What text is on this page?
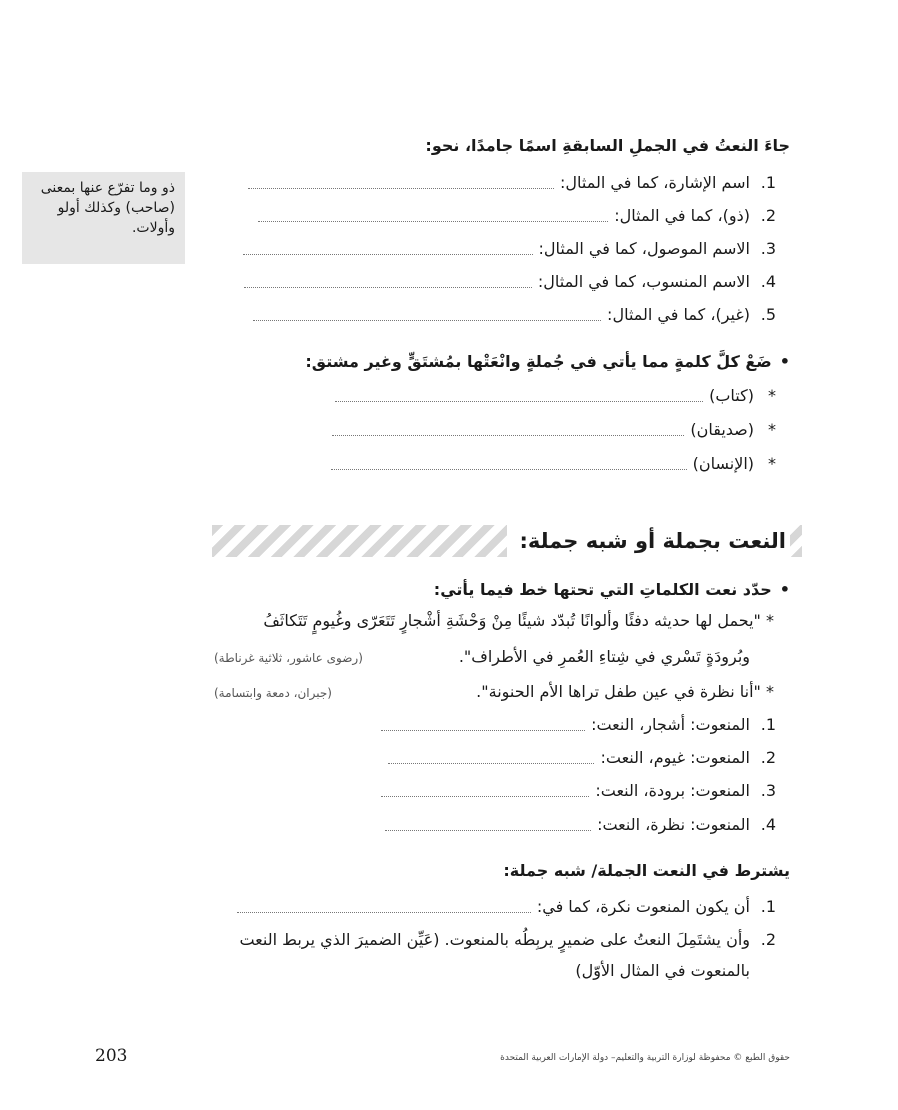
جاءَ النعتُ في الجملِ السابقةِ اسمًا جامدًا، نحو:
ذو وما تفرّع عنها بمعنى
(صاحب) وكذلك أولو
وأولات.
1.
اسم الإشارة، كما في المثال:
2.
(ذو)، كما في المثال:
3.
الاسم الموصول، كما في المثال:
4.
الاسم المنسوب، كما في المثال:
5.
(غير)، كما في المثال:
•
ضَعْ كلَّ كلمةٍ مما يأتي في جُملةٍ وانْعَتْها بمُشتَقٍّ وغير مشتق:
*
(كتاب)
*
(صديقان)
*
(الإنسان)
النعت بجملة أو شبه جملة:
•
حدّد نعت الكلماتِ التي تحتها خط فيما يأتي:
* "يحمل لها حديثه دفئًا وألوانًا تُبدّد شيئًا مِنْ وَحْشَةِ أشْجارٍ تَتَعَرّى وغُيومٍ تَتَكاثَفُ
وبُرودَةٍ تَسْري في شِتاءِ العُمرِ في الأطراف".
(رضوى عاشور، ثلاثية غرناطة)
* "أنا نظرة في عين طفل تراها الأم الحنونة".
(جبران، دمعة وابتسامة)
1.
المنعوت: أشجار، النعت:
2.
المنعوت: غيوم، النعت:
3.
المنعوت: برودة، النعت:
4.
المنعوت: نظرة، النعت:
يشترط في النعت الجملة/ شبه جملة:
1.
أن يكون المنعوت نكرة، كما في:
2.
وأن يشتَمِلَ النعتُ على ضميرٍ يربِطُه بالمنعوت. (عَيِّن الضميرَ الذي يربط النعت
بالمنعوت في المثال الأوّل)
203	حقوق الطبع © محفوظة لوزارة التربية والتعليم– دولة الإمارات العربية المتحدة
